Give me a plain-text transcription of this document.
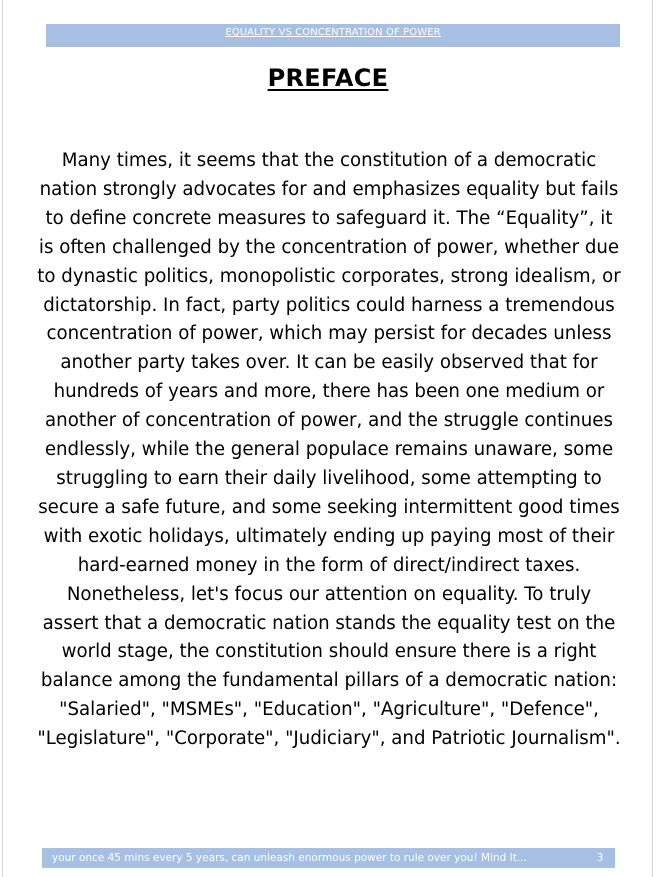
EQUALITY VS CONCENTRATION OF POWER
PREFACE
Many times, it seems that the constitution of a democratic nation strongly advocates for and emphasizes equality but fails to define concrete measures to safeguard it. The “Equality”, it is often challenged by the concentration of power, whether due to dynastic politics, monopolistic corporates, strong idealism, or dictatorship. In fact, party politics could harness a tremendous concentration of power, which may persist for decades unless another party takes over. It can be easily observed that for hundreds of years and more, there has been one medium or another of concentration of power, and the struggle continues endlessly, while the general populace remains unaware, some struggling to earn their daily livelihood, some attempting to secure a safe future, and some seeking intermittent good times with exotic holidays, ultimately ending up paying most of their hard-earned money in the form of direct/indirect taxes. Nonetheless, let's focus our attention on equality. To truly assert that a democratic nation stands the equality test on the world stage, the constitution should ensure there is a right balance among the fundamental pillars of a democratic nation: "Salaried", "MSMEs", "Education", "Agriculture", "Defence", "Legislature", "Corporate", "Judiciary", and Patriotic Journalism".
your once 45 mins every 5 years, can unleash enormous power to rule over you! Mind It...	3
